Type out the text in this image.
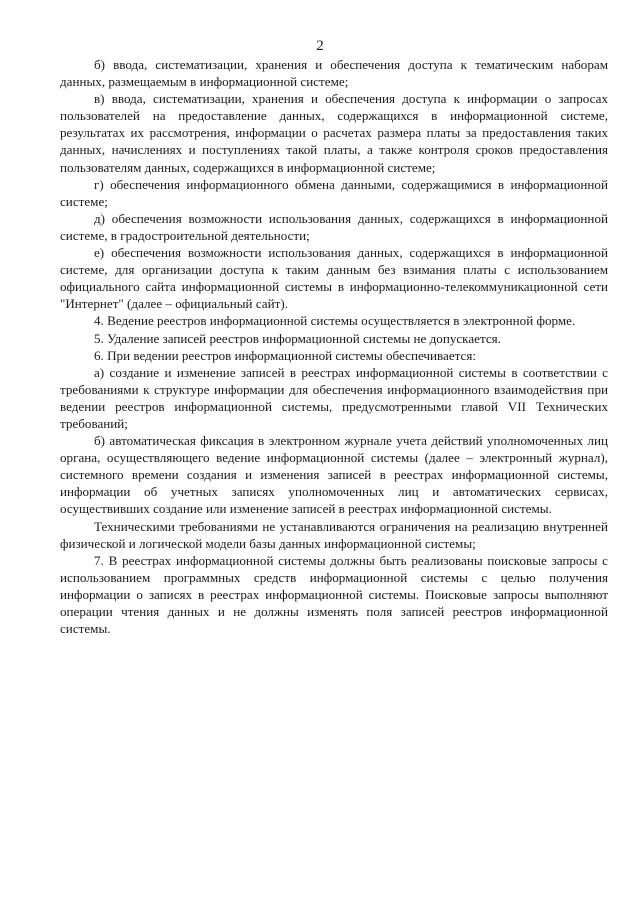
2

б) ввода, систематизации, хранения и обеспечения доступа к тематическим наборам данных, размещаемым в информационной системе;

в) ввода, систематизации, хранения и обеспечения доступа к информации о запросах пользователей на предоставление данных, содержащихся в информационной системе, результатах их рассмотрения, информации о расчетах размера платы за предоставления таких данных, начислениях и поступлениях такой платы, а также контроля сроков предоставления пользователям данных, содержащихся в информационной системе;

г) обеспечения информационного обмена данными, содержащимися в информационной системе;

д) обеспечения возможности использования данных, содержащихся в информационной системе, в градостроительной деятельности;

е) обеспечения возможности использования данных, содержащихся в информационной системе, для организации доступа к таким данным без взимания платы с использованием официального сайта информационной системы в информационно-телекоммуникационной сети "Интернет" (далее – официальный сайт).

4. Ведение реестров информационной системы осуществляется в электронной форме.

5. Удаление записей реестров информационной системы не допускается.

6. При ведении реестров информационной системы обеспечивается:

а) создание и изменение записей в реестрах информационной системы в соответствии с требованиями к структуре информации для обеспечения информационного взаимодействия при ведении реестров информационной системы, предусмотренными главой VII Технических требований;

б) автоматическая фиксация в электронном журнале учета действий уполномоченных лиц органа, осуществляющего ведение информационной системы (далее – электронный журнал), системного времени создания и изменения записей в реестрах информационной системы, информации об учетных записях уполномоченных лиц и автоматических сервисах, осуществивших создание или изменение записей в реестрах информационной системы.

Техническими требованиями не устанавливаются ограничения на реализацию внутренней физической и логической модели базы данных информационной системы;

7. В реестрах информационной системы должны быть реализованы поисковые запросы с использованием программных средств информационной системы с целью получения информации о записях в реестрах информационной системы. Поисковые запросы выполняют операции чтения данных и не должны изменять поля записей реестров информационной системы.
